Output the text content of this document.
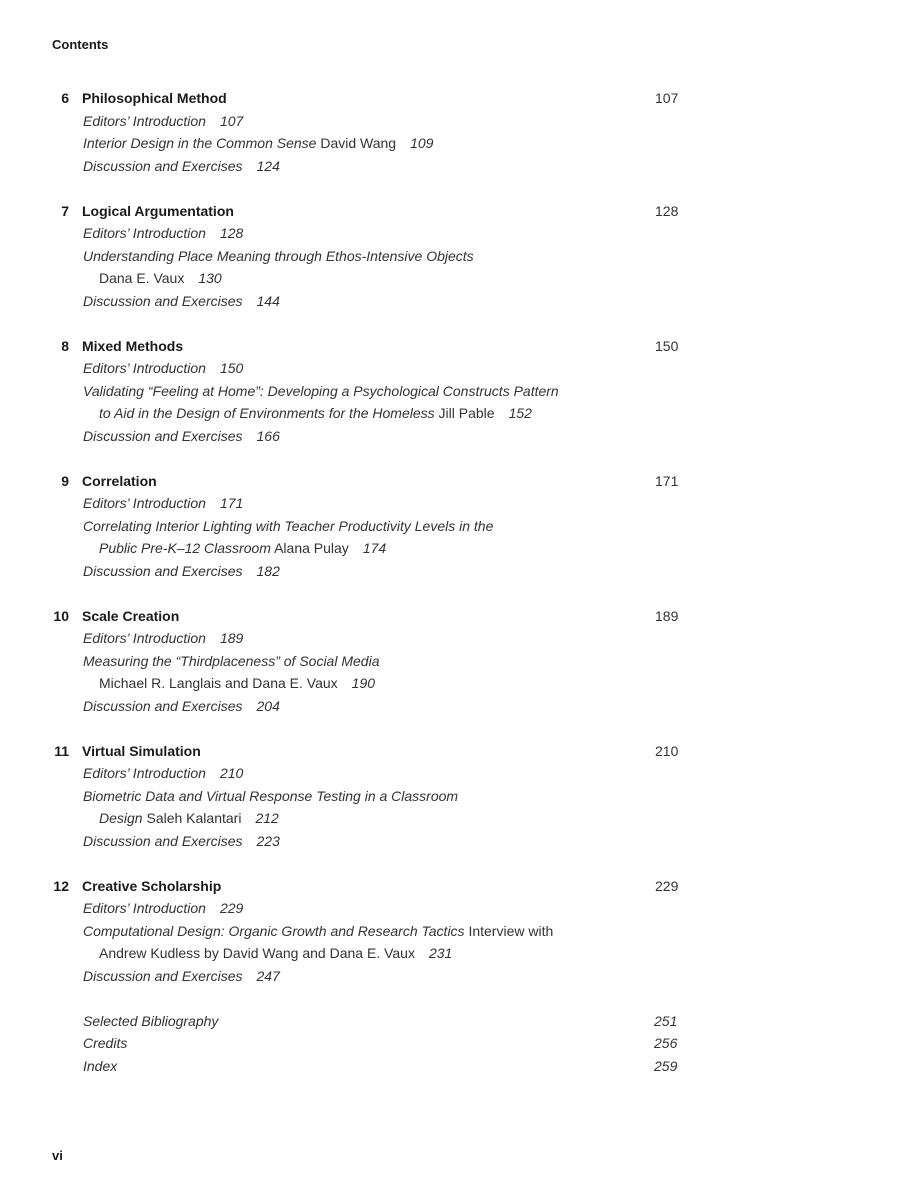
Contents
6 Philosophical Method	107
Editors’ Introduction 107
Interior Design in the Common Sense David Wang 109
Discussion and Exercises 124
7 Logical Argumentation	128
Editors’ Introduction 128
Understanding Place Meaning through Ethos-Intensive Objects
Dana E. Vaux 130
Discussion and Exercises 144
8 Mixed Methods	150
Editors’ Introduction 150
Validating “Feeling at Home”: Developing a Psychological Constructs Pattern
to Aid in the Design of Environments for the Homeless Jill Pable 152
Discussion and Exercises 166
9 Correlation	171
Editors’ Introduction 171
Correlating Interior Lighting with Teacher Productivity Levels in the
Public Pre-K–12 Classroom Alana Pulay 174
Discussion and Exercises 182
10 Scale Creation	189
Editors’ Introduction 189
Measuring the “Thirdplaceness” of Social Media
Michael R. Langlais and Dana E. Vaux 190
Discussion and Exercises 204
11 Virtual Simulation	210
Editors’ Introduction 210
Biometric Data and Virtual Response Testing in a Classroom
Design Saleh Kalantari 212
Discussion and Exercises 223
12 Creative Scholarship	229
Editors’ Introduction 229
Computational Design: Organic Growth and Research Tactics Interview with
Andrew Kudless by David Wang and Dana E. Vaux 231
Discussion and Exercises 247
Selected Bibliography	251
Credits	256
Index	259
vi
